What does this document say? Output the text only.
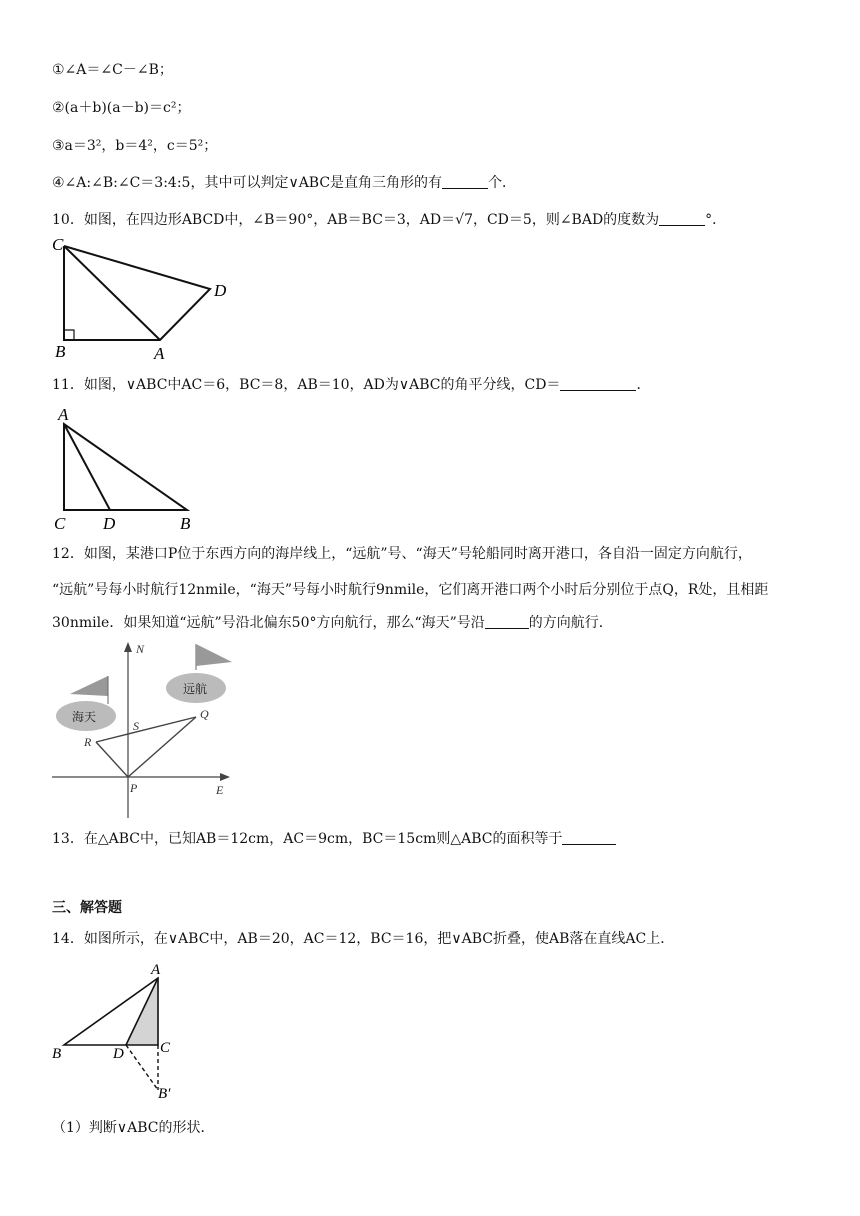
①∠A＝∠C－∠B；
②(a＋b)(a－b)＝c²；
③a＝3²，b＝4²，c＝5²；
④∠A:∠B:∠C＝3:4:5，其中可以判定∨ABC是直角三角形的有	个．
10．如图，在四边形ABCD中，∠B＝90°，AB＝BC＝3，AD＝√7，CD＝5，则∠BAD的度数为	°．
C
D
B	A
11．如图，∨ABC中AC＝6，BC＝8，AB＝10，AD为∨ABC的角平分线，CD＝	．
A
C D	B
12．如图，某港口P位于东西方向的海岸线上，“远航”号、“海天”号轮船同时离开港口，各自沿一固定方向航行，
“远航”号每小时航行12nmile，“海天”号每小时航行9nmile，它们离开港口两个小时后分别位于点Q，R处，且相距
30nmile．如果知道“远航”号沿北偏东50°方向航行，那么“海天”号沿	的方向航行．
远航
海天
N
S
Q
R
P	E
13．在△ABC中，已知AB＝12cm，AC＝9cm，BC＝15cm则△ABC的面积等于
三、解答题
14．如图所示，在∨ABC中，AB＝20，AC＝12，BC＝16，把∨ABC折叠，使AB落在直线AC上．
A
B	D C
B′
（1）判断∨ABC的形状．
